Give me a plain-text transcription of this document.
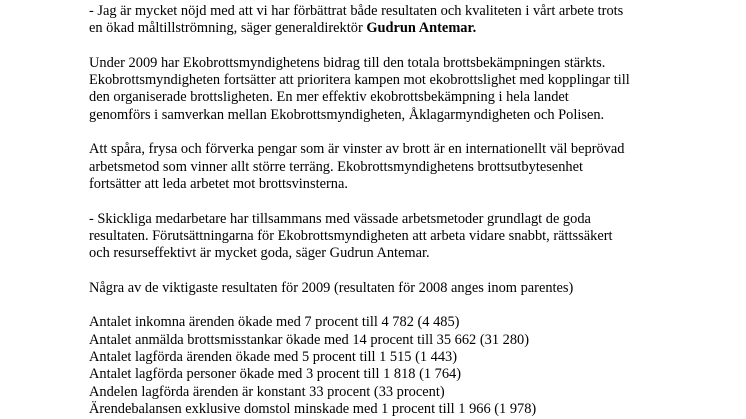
- Jag är mycket nöjd med att vi har förbättrat både resultaten och kvaliteten i vårt arbete trots
en ökad måltillströmning, säger generaldirektör Gudrun Antemar.

Under 2009 har Ekobrottsmyndighetens bidrag till den totala brottsbekämpningen stärkts.
Ekobrottsmyndigheten fortsätter att prioritera kampen mot ekobrottslighet med kopplingar till
den organiserade brottsligheten. En mer effektiv ekobrottsbekämpning i hela landet
genomförs i samverkan mellan Ekobrottsmyndigheten, Åklagarmyndigheten och Polisen.

Att spåra, frysa och förverka pengar som är vinster av brott är en internationellt väl beprövad
arbetsmetod som vinner allt större terräng. Ekobrottsmyndighetens brottsutbytesenhet
fortsätter att leda arbetet mot brottsvinsterna.

- Skickliga medarbetare har tillsammans med vässade arbetsmetoder grundlagt de goda
resultaten. Förutsättningarna för Ekobrottsmyndigheten att arbeta vidare snabbt, rättssäkert
och resurseffektivt är mycket goda, säger Gudrun Antemar.

Några av de viktigaste resultaten för 2009 (resultaten för 2008 anges inom parentes)

Antalet inkomna ärenden ökade med 7 procent till 4 782 (4 485)

Antalet anmälda brottsmisstankar ökade med 14 procent till 35 662 (31 280)

Antalet lagförda ärenden ökade med 5 procent till 1 515 (1 443)

Antalet lagförda personer ökade med 3 procent till 1 818 (1 764)

Andelen lagförda ärenden är konstant 33 procent (33 procent)

Ärendebalansen exklusive domstol minskade med 1 procent till 1 966 (1 978)
